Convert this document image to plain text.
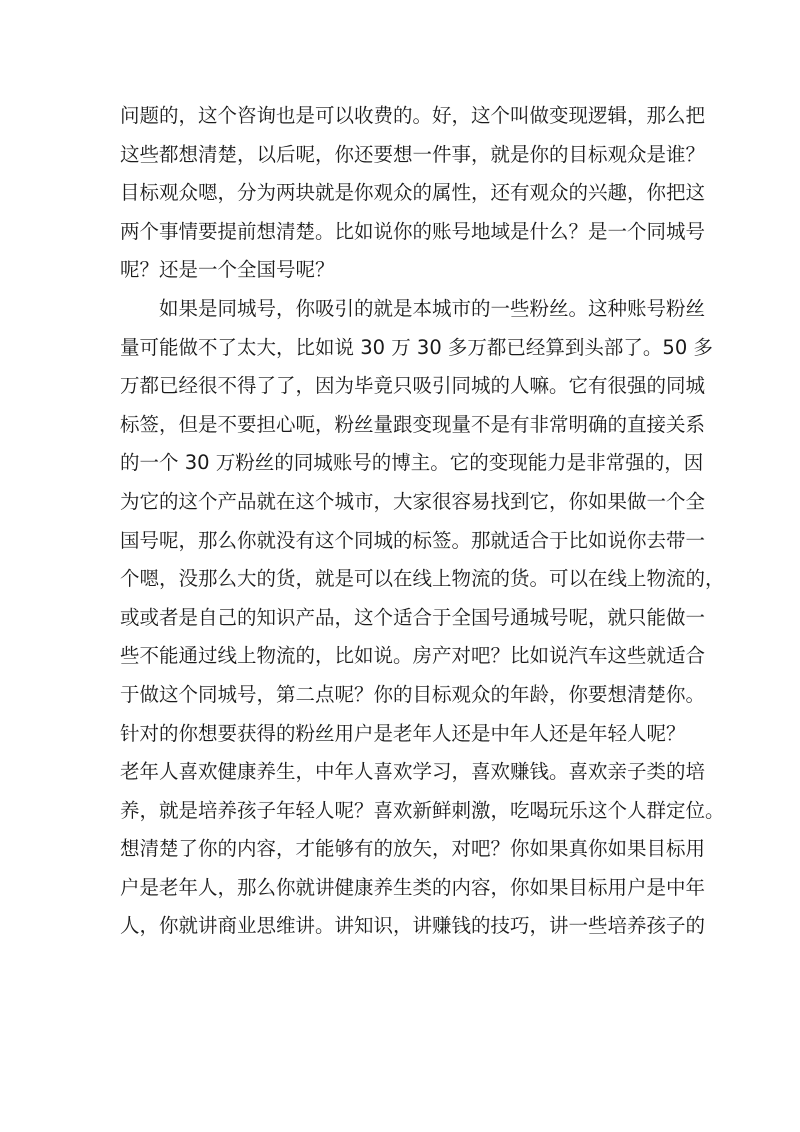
问题的，这个咨询也是可以收费的。好，这个叫做变现逻辑，那么把
这些都想清楚，以后呢，你还要想一件事，就是你的目标观众是谁？
目标观众嗯，分为两块就是你观众的属性，还有观众的兴趣，你把这
两个事情要提前想清楚。比如说你的账号地域是什么？是一个同城号
呢？还是一个全国号呢？
如果是同城号，你吸引的就是本城市的一些粉丝。这种账号粉丝
量可能做不了太大，比如说 30 万 30 多万都已经算到头部了。50 多
万都已经很不得了了，因为毕竟只吸引同城的人嘛。它有很强的同城
标签，但是不要担心呃，粉丝量跟变现量不是有非常明确的直接关系
的一个 30 万粉丝的同城账号的博主。它的变现能力是非常强的，因
为它的这个产品就在这个城市，大家很容易找到它，你如果做一个全
国号呢，那么你就没有这个同城的标签。那就适合于比如说你去带一
个嗯，没那么大的货，就是可以在线上物流的货。可以在线上物流的，
或或者是自己的知识产品，这个适合于全国号通城号呢，就只能做一
些不能通过线上物流的，比如说。房产对吧？比如说汽车这些就适合
于做这个同城号，第二点呢？你的目标观众的年龄，你要想清楚你。
针对的你想要获得的粉丝用户是老年人还是中年人还是年轻人呢？
老年人喜欢健康养生，中年人喜欢学习，喜欢赚钱。喜欢亲子类的培
养，就是培养孩子年轻人呢？喜欢新鲜刺激，吃喝玩乐这个人群定位。
想清楚了你的内容，才能够有的放矢，对吧？你如果真你如果目标用
户是老年人，那么你就讲健康养生类的内容，你如果目标用户是中年
人，你就讲商业思维讲。讲知识，讲赚钱的技巧，讲一些培养孩子的
